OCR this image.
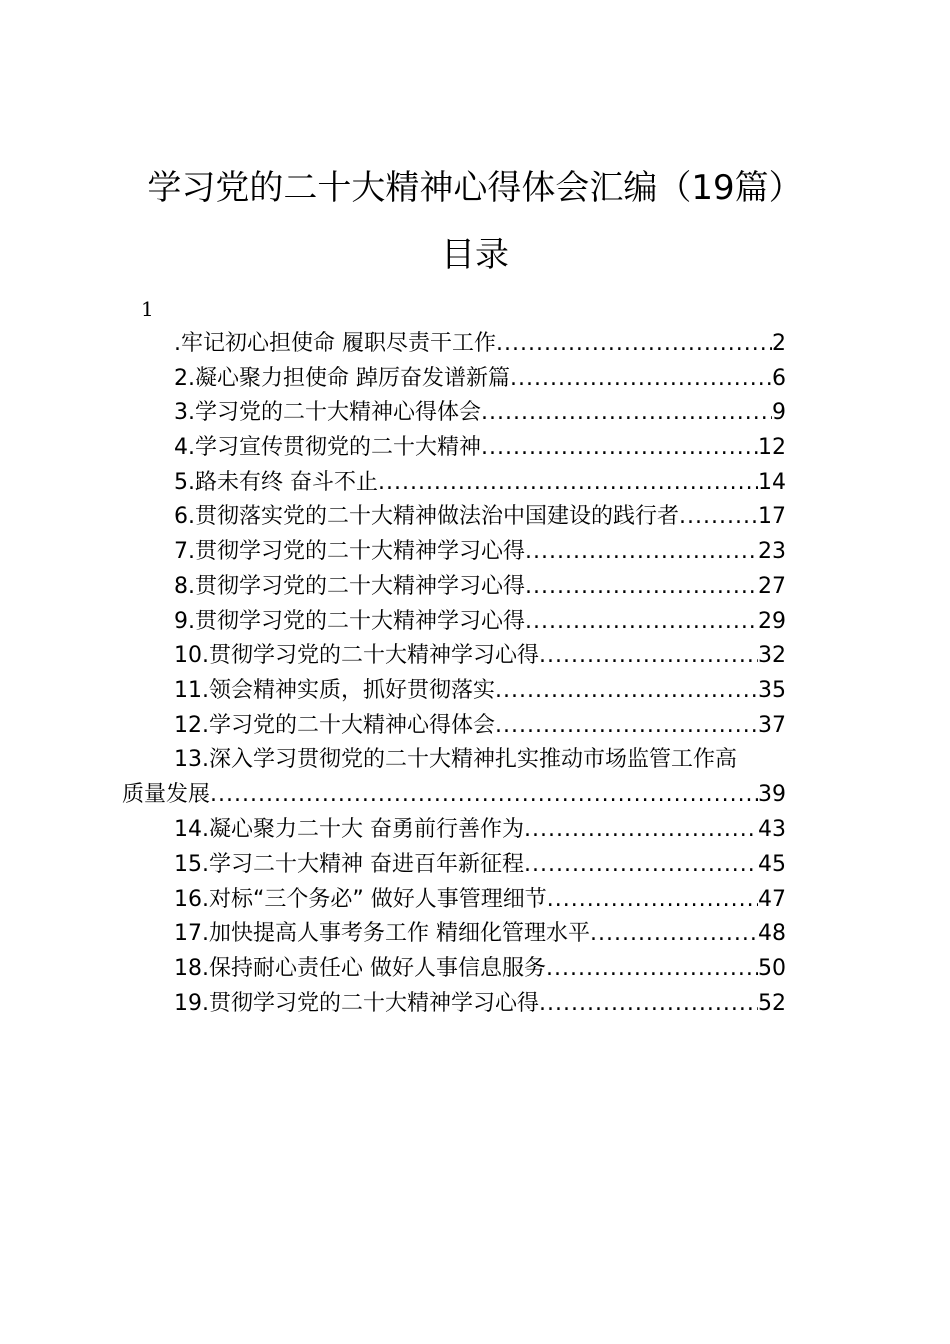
学习党的二十大精神心得体会汇编（19篇）
目录
1
.牢记初心担使命 履职尽责干工作 .....	2
2.凝心聚力担使命 踔厉奋发谱新篇 .....	6
3.学习党的二十大精神心得体会 .....	9
4.学习宣传贯彻党的二十大精神 .....	12
5.路未有终 奋斗不止 .....	14
6.贯彻落实党的二十大精神做法治中国建设的践行者 .....	17
7.贯彻学习党的二十大精神学习心得 .....	23
8.贯彻学习党的二十大精神学习心得 .....	27
9.贯彻学习党的二十大精神学习心得 .....	29
10.贯彻学习党的二十大精神学习心得 .....	32
11.领会精神实质，抓好贯彻落实 .....	35
12.学习党的二十大精神心得体会 .....	37
13.深入学习贯彻党的二十大精神扎实推动市场监管工作高
质量发展 .....	39
14.凝心聚力二十大 奋勇前行善作为 .....	43
15.学习二十大精神 奋进百年新征程 .....	45
16.对标“三个务必” 做好人事管理细节 .....	47
17.加快提高人事考务工作 精细化管理水平 .....	48
18.保持耐心责任心 做好人事信息服务 .....	50
19.贯彻学习党的二十大精神学习心得 .....	52
